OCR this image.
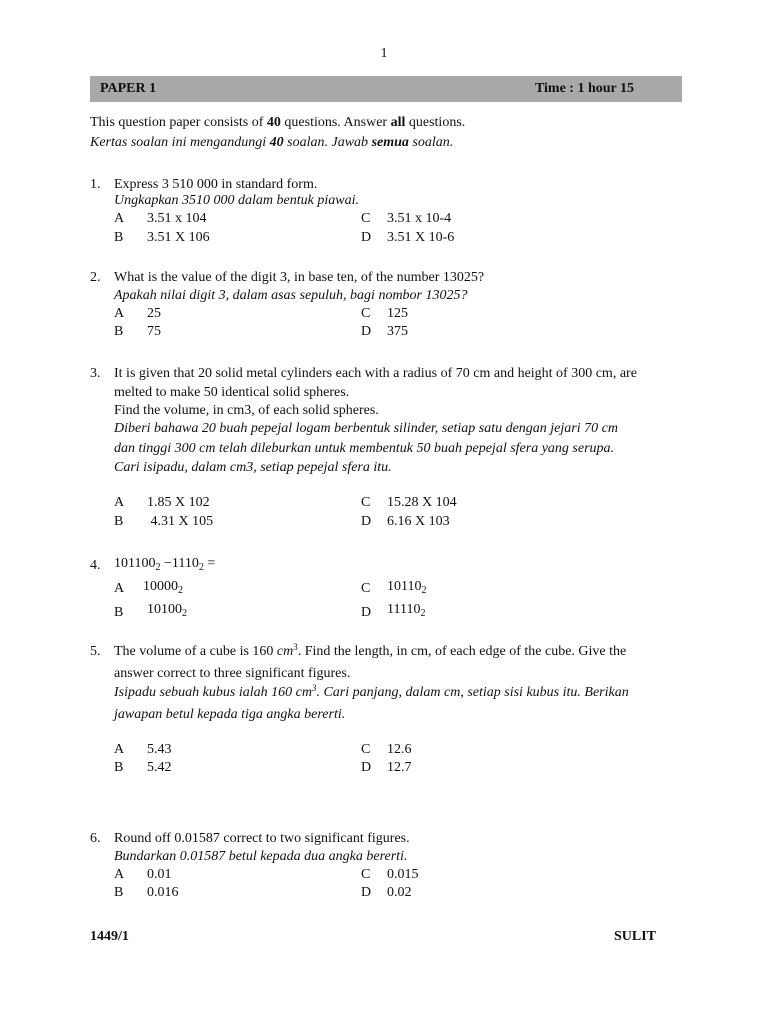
1
PAPER 1	Time : 1 hour 15
This question paper consists of 40 questions. Answer all questions.
Kertas soalan ini mengandungi 40 soalan. Jawab semua soalan.
1. Express 3 510 000 in standard form.
Ungkapkan 3510 000 dalam bentuk piawai.
A 3.51 x 104	C 3.51 x 10-4
B 3.51 X 106	D 3.51 X 10-6
2. What is the value of the digit 3, in base ten, of the number 13025?
Apakah nilai digit 3, dalam asas sepuluh, bagi nombor 13025?
A 25	C 125
B 75	D 375
3. It is given that 20 solid metal cylinders each with a radius of 70 cm and height of 300 cm, are
melted to make 50 identical solid spheres.
Find the volume, in cm3, of each solid spheres.
Diberi bahawa 20 buah pepejal logam berbentuk silinder, setiap satu dengan jejari 70 cm
dan tinggi 300 cm telah dileburkan untuk membentuk 50 buah pepejal sfera yang serupa.
Cari isipadu, dalam cm3, setiap pepejal sfera itu.
A 1.85 X 102	C 15.28 X 104
B 4.31 X 105	D 6.16 X 103
4. $101100_2 -1110_2$ =
A $10000_2$	C $10110_2$
B $10100_2$	D $11110_2$
5. The volume of a cube is 160 $cm^3$. Find the length, in cm, of each edge of the cube. Give the
answer correct to three significant figures.
Isipadu sebuah kubus ialah 160 $cm^3$. Cari panjang, dalam cm, setiap sisi kubus itu. Berikan
jawapan betul kepada tiga angka bererti.
A 5.43	C 12.6
B 5.42	D 12.7
6. Round off 0.01587 correct to two significant figures.
Bundarkan 0.01587 betul kepada dua angka bererti.
A 0.01	C 0.015
B 0.016	D 0.02
1449/1	SULIT
